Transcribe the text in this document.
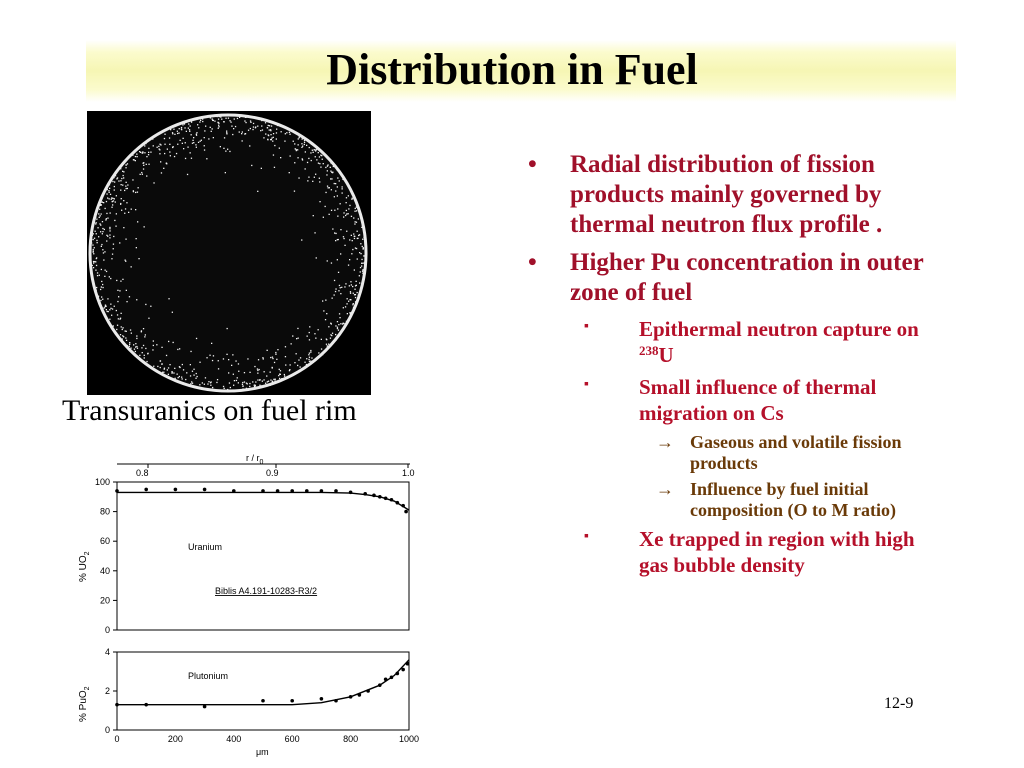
Distribution in Fuel
Transuranics on fuel rim
r / $r_0$
0.8	0.9	1.0
% $UO_2$
Uranium
Biblis A4.191-10283-R3/2
0
20
40
60
80
100
% PuO$_2$
Plutonium
0
2
4
0	200	400	600	800	1000
μm
• Radial distribution of fission products mainly governed by thermal neutron flux profile .
• Higher Pu concentration in outer zone of fuel
▪ Epithermal neutron capture on $^{238}$U
▪ Small influence of thermal migration on Cs
→ Gaseous and volatile fission products
→ Influence by fuel initial composition (O to M ratio)
▪ Xe trapped in region with high gas bubble density
12-9
